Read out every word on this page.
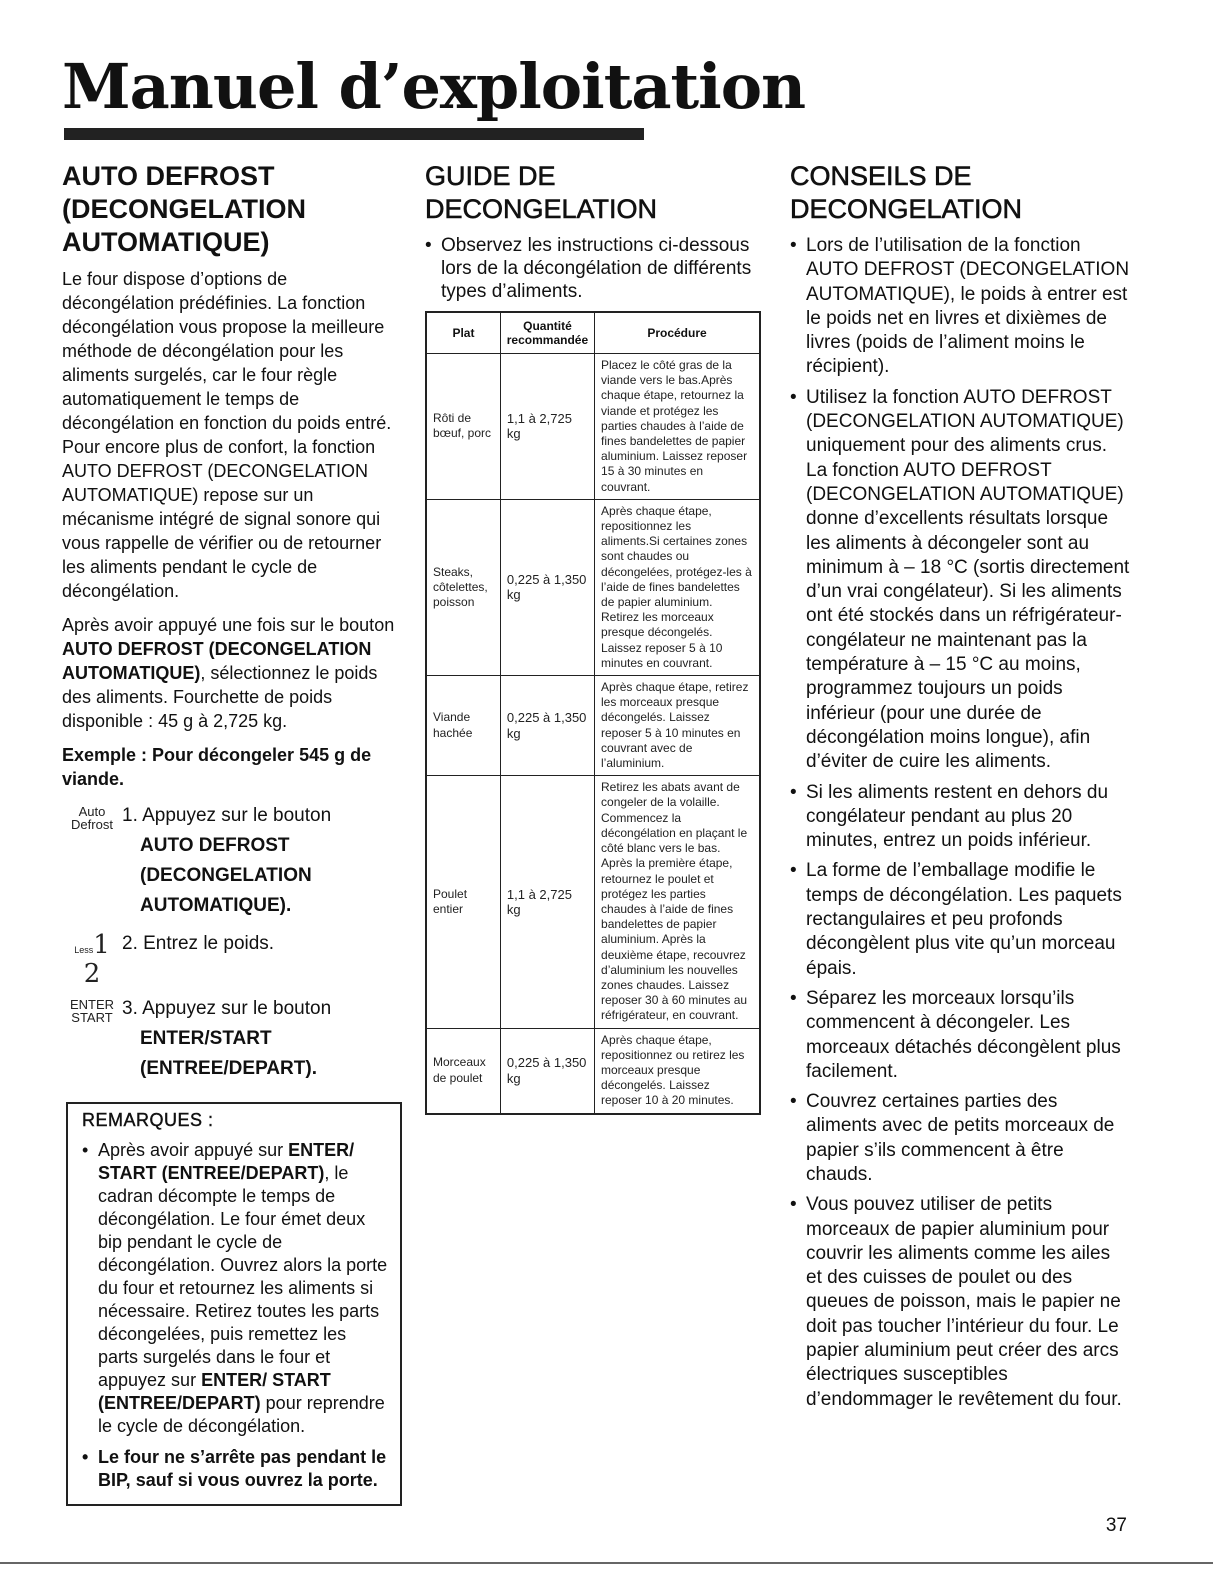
Manuel d’exploitation
AUTO DEFROST (DECONGELATION AUTOMATIQUE)

Le four dispose d’options de décongélation prédéfinies. La fonction décongélation vous propose la meilleure méthode de décongélation pour les aliments surgelés, car le four règle automatiquement le temps de décongélation en fonction du poids entré. Pour encore plus de confort, la fonction AUTO DEFROST (DECONGELATION AUTOMATIQUE) repose sur un mécanisme intégré de signal sonore qui vous rappelle de vérifier ou de retourner les aliments pendant le cycle de décongélation.

Après avoir appuyé une fois sur le bouton AUTO DEFROST (DECONGELATION AUTOMATIQUE), sélectionnez le poids des aliments. Fourchette de poids disponible : 45 g à 2,725 kg.

Exemple : Pour décongeler 545 g de viande.

Auto
Defrost 1. Appuyez sur le bouton
AUTO DEFROST (DECONGELATION AUTOMATIQUE).
Less1 2
2. Entrez le poids.
ENTER
START 3. Appuyez sur le bouton
ENTER/START (ENTREE/DEPART).
REMARQUES :
• Après avoir appuyé sur ENTER/ START (ENTREE/DEPART), le cadran décompte le temps de décongélation. Le four émet deux bip pendant le cycle de décongélation. Ouvrez alors la porte du four et retournez les aliments si nécessaire. Retirez toutes les parts décongelées, puis remettez les parts surgelés dans le four et appuyez sur ENTER/ START (ENTREE/DEPART) pour reprendre le cycle de décongélation.
• Le four ne s’arrête pas pendant le BIP, sauf si vous ouvrez la porte.
GUIDE DE DECONGELATION
• Observez les instructions ci-dessous lors de la décongélation de différents types d’aliments.
Plat	Quantité recommandée	Procédure
Rôti de bœuf, porc	1,1 à 2,725 kg	Placez le côté gras de la viande vers le bas.Après chaque étape, retournez la viande et protégez les parties chaudes à l’aide de fines bandelettes de papier aluminium. Laissez reposer 15 à 30 minutes en couvrant.
Steaks, côtelettes, poisson	0,225 à 1,350 kg	Après chaque étape, repositionnez les aliments.Si certaines zones sont chaudes ou décongelées, protégez-les à l’aide de fines bandelettes de papier aluminium. Retirez les morceaux presque décongelés. Laissez reposer 5 à 10 minutes en couvrant.
Viande hachée	0,225 à 1,350 kg	Après chaque étape, retirez les morceaux presque décongelés. Laissez reposer 5 à 10 minutes en couvrant avec de l’aluminium.
Poulet entier	1,1 à 2,725 kg	Retirez les abats avant de congeler de la volaille. Commencez la décongélation en plaçant le côté blanc vers le bas. Après la première étape, retournez le poulet et protégez les parties chaudes à l’aide de fines bandelettes de papier aluminium. Après la deuxième étape, recouvrez d’aluminium les nouvelles zones chaudes. Laissez reposer 30 à 60 minutes au réfrigérateur, en couvrant.
Morceaux de poulet	0,225 à 1,350 kg	Après chaque étape, repositionnez ou retirez les morceaux presque décongelés. Laissez reposer 10 à 20 minutes.
CONSEILS DE DECONGELATION
• Lors de l’utilisation de la fonction AUTO DEFROST (DECONGELATION AUTOMATIQUE), le poids à entrer est le poids net en livres et dixièmes de livres (poids de l’aliment moins le récipient).
• Utilisez la fonction AUTO DEFROST (DECONGELATION AUTOMATIQUE) uniquement pour des aliments crus. La fonction AUTO DEFROST (DECONGELATION AUTOMATIQUE) donne d’excellents résultats lorsque les aliments à décongeler sont au minimum à – 18 °C (sortis directement d’un vrai congélateur). Si les aliments ont été stockés dans un réfrigérateur-congélateur ne maintenant pas la température à – 15 °C au moins, programmez toujours un poids inférieur (pour une durée de décongélation moins longue), afin d’éviter de cuire les aliments.
• Si les aliments restent en dehors du congélateur pendant au plus 20 minutes, entrez un poids inférieur.
• La forme de l’emballage modifie le temps de décongélation. Les paquets rectangulaires et peu profonds décongèlent plus vite qu’un morceau épais.
• Séparez les morceaux lorsqu’ils commencent à décongeler. Les morceaux détachés décongèlent plus facilement.
• Couvrez certaines parties des aliments avec de petits morceaux de papier s’ils commencent à être chauds.
• Vous pouvez utiliser de petits morceaux de papier aluminium pour couvrir les aliments comme les ailes et des cuisses de poulet ou des queues de poisson, mais le papier ne doit pas toucher l’intérieur du four. Le papier aluminium peut créer des arcs électriques susceptibles d’endommager le revêtement du four.
37
